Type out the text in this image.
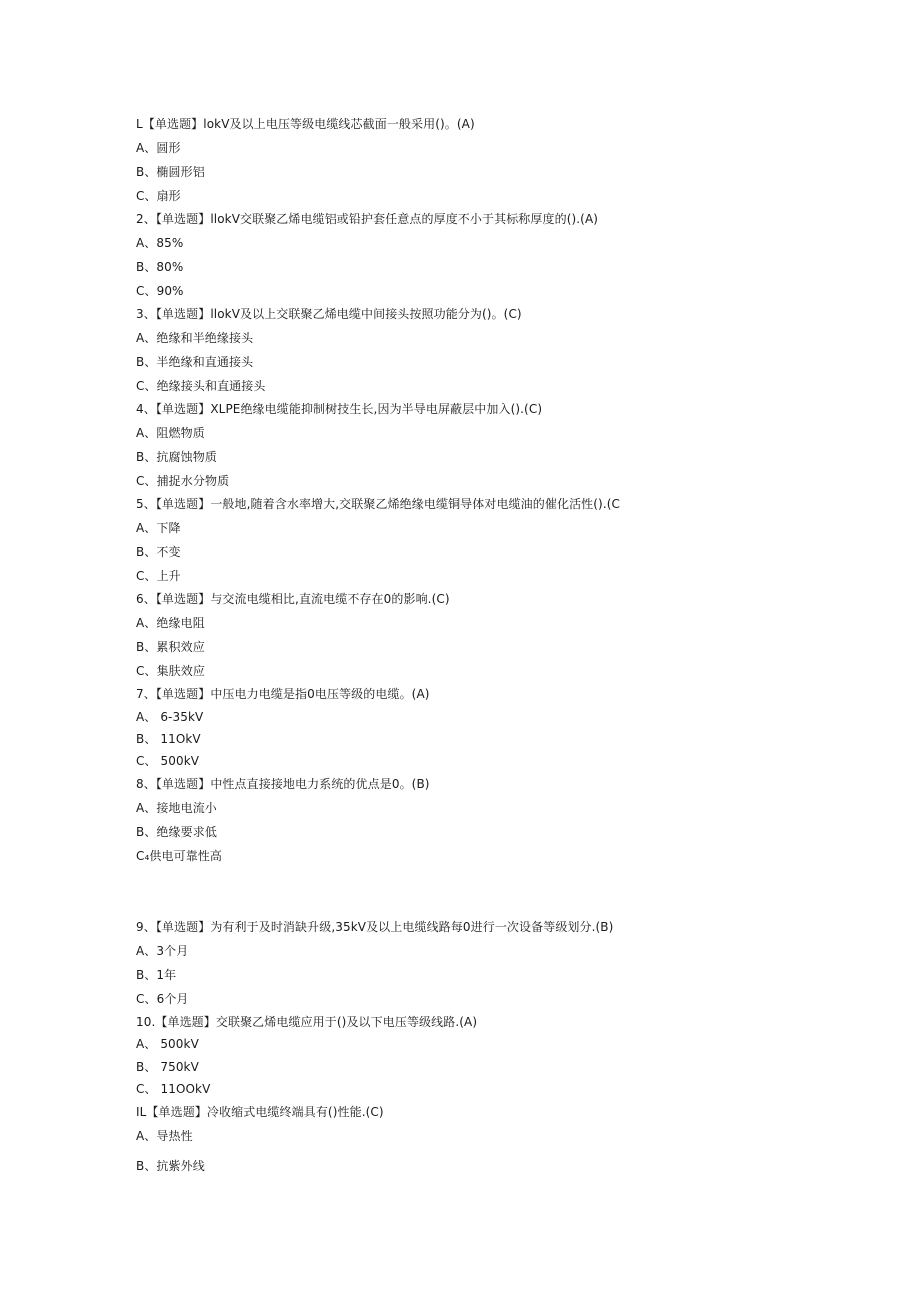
L【单选题】lokV及以上电压等级电缆线芯截面一般采用()。(A)
A、圆形
B、椭圆形铝
C、扇形
2、【单选题】llokV交联聚乙烯电缆铝或铅护套任意点的厚度不小于其标称厚度的().(A)
A、85%
B、80%
C、90%
3、【单选题】llokV及以上交联聚乙烯电缆中间接头按照功能分为()。(C)
A、绝缘和半绝缘接头
B、半绝缘和直通接头
C、绝缘接头和直通接头
4、【单选题】XLPE绝缘电缆能抑制树技生长,因为半导电屏蔽层中加入().(C)
A、阻燃物质
B、抗腐蚀物质
C、捕捉水分物质
5、【单选题】一般地,随着含水率增大,交联聚乙烯绝缘电缆铜导体对电缆油的催化活性().(C
A、下降
B、不变
C、上升
6、【单选题】与交流电缆相比,直流电缆不存在0的影响.(C)
A、绝缘电阻
B、累积效应
C、集肤效应
7、【单选题】中压电力电缆是指0电压等级的电缆。(A)
A、 6-35kV
B、 11OkV
C、 500kV
8、【单选题】中性点直接接地电力系统的优点是0。(B)
A、接地电流小
B、绝缘要求低
C₄供电可靠性高
9、【单选题】为有利于及时消缺升级,35kV及以上电缆线路每0进行一次设备等级划分.(B)
A、3个月
B、1年
C、6个月
10.【单选题】交联聚乙烯电缆应用于()及以下电压等级线路.(A)
A、 500kV
B、 750kV
C、 11OOkV
IL【单选题】冷收缩式电缆终端具有()性能.(C)
A、导热性
B、抗紫外线
